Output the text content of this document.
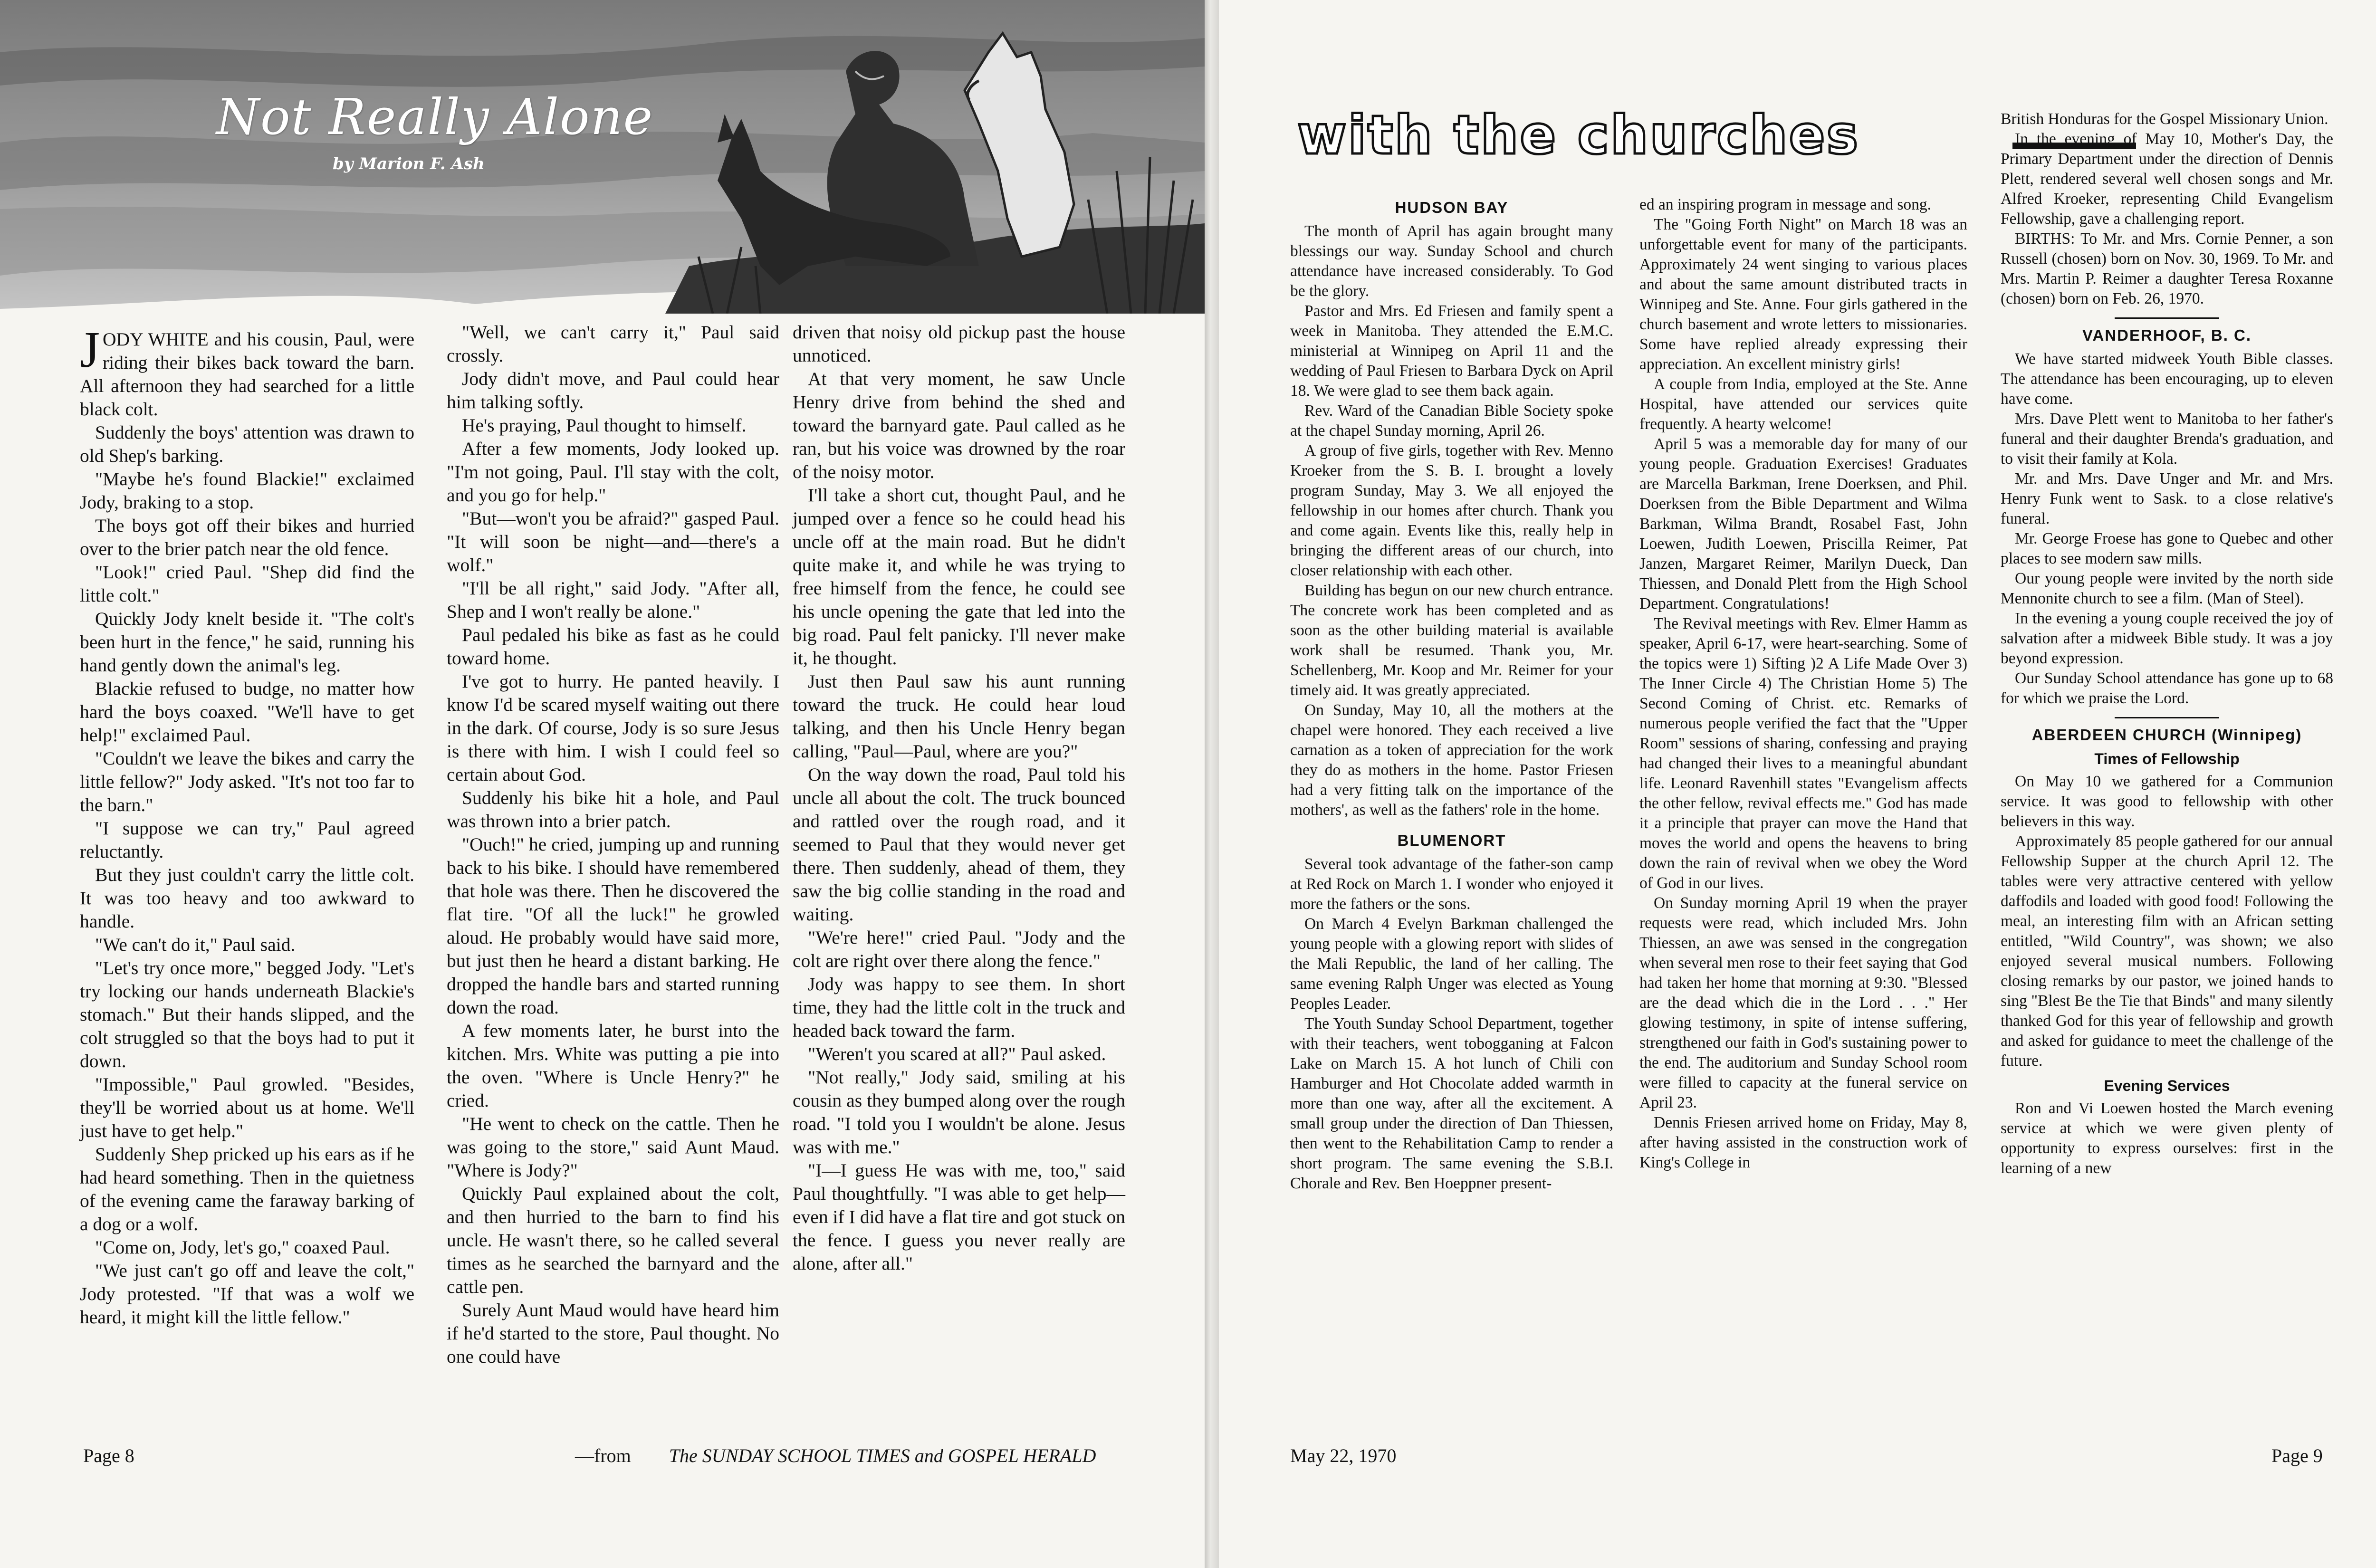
Not Really Alone
by Marion F. Ash

JODY WHITE and his cousin, Paul, were riding their bikes back toward the barn. All afternoon they had searched for a little black colt.

Suddenly the boys' attention was drawn to old Shep's barking.

"Maybe he's found Blackie!" exclaimed Jody, braking to a stop.

The boys got off their bikes and hurried over to the brier patch near the old fence.

"Look!" cried Paul. "Shep did find the little colt."

Quickly Jody knelt beside it. "The colt's been hurt in the fence," he said, running his hand gently down the animal's leg.

Blackie refused to budge, no matter how hard the boys coaxed. "We'll have to get help!" exclaimed Paul.

"Couldn't we leave the bikes and carry the little fellow?" Jody asked. "It's not too far to the barn."

"I suppose we can try," Paul agreed reluctantly.

But they just couldn't carry the little colt. It was too heavy and too awkward to handle.

"We can't do it," Paul said.

"Let's try once more," begged Jody. "Let's try locking our hands underneath Blackie's stomach." But their hands slipped, and the colt struggled so that the boys had to put it down.

"Impossible," Paul growled. "Besides, they'll be worried about us at home. We'll just have to get help."

Suddenly Shep pricked up his ears as if he had heard something. Then in the quietness of the evening came the faraway barking of a dog or a wolf.

"Come on, Jody, let's go," coaxed Paul.

"We just can't go off and leave the colt," Jody protested. "If that was a wolf we heard, it might kill the little fellow."

"Well, we can't carry it," Paul said crossly.

Jody didn't move, and Paul could hear him talking softly.

He's praying, Paul thought to himself.

After a few moments, Jody looked up. "I'm not going, Paul. I'll stay with the colt, and you go for help."

"But—won't you be afraid?" gasped Paul. "It will soon be night—and—there's a wolf."

"I'll be all right," said Jody. "After all, Shep and I won't really be alone."

Paul pedaled his bike as fast as he could toward home.

I've got to hurry. He panted heavily. I know I'd be scared myself waiting out there in the dark. Of course, Jody is so sure Jesus is there with him. I wish I could feel so certain about God.

Suddenly his bike hit a hole, and Paul was thrown into a brier patch.

"Ouch!" he cried, jumping up and running back to his bike. I should have remembered that hole was there. Then he discovered the flat tire. "Of all the luck!" he growled aloud. He probably would have said more, but just then he heard a distant barking. He dropped the handle bars and started running down the road.

A few moments later, he burst into the kitchen. Mrs. White was putting a pie into the oven. "Where is Uncle Henry?" he cried.

"He went to check on the cattle. Then he was going to the store," said Aunt Maud. "Where is Jody?"

Quickly Paul explained about the colt, and then hurried to the barn to find his uncle. He wasn't there, so he called several times as he searched the barnyard and the cattle pen.

Surely Aunt Maud would have heard him if he'd started to the store, Paul thought. No one could have

driven that noisy old pickup past the house unnoticed.

At that very moment, he saw Uncle Henry drive from behind the shed and toward the barnyard gate. Paul called as he ran, but his voice was drowned by the roar of the noisy motor.

I'll take a short cut, thought Paul, and he jumped over a fence so he could head his uncle off at the main road. But he didn't quite make it, and while he was trying to free himself from the fence, he could see his uncle opening the gate that led into the big road. Paul felt panicky. I'll never make it, he thought.

Just then Paul saw his aunt running toward the truck. He could hear loud talking, and then his Uncle Henry began calling, "Paul—Paul, where are you?"

On the way down the road, Paul told his uncle all about the colt. The truck bounced and rattled over the rough road, and it seemed to Paul that they would never get there. Then suddenly, ahead of them, they saw the big collie standing in the road and waiting.

"We're here!" cried Paul. "Jody and the colt are right over there along the fence."

Jody was happy to see them. In short time, they had the little colt in the truck and headed back toward the farm.

"Weren't you scared at all?" Paul asked.

"Not really," Jody said, smiling at his cousin as they bumped along over the rough road. "I told you I wouldn't be alone. Jesus was with me."

"I—I guess He was with me, too," said Paul thoughtfully. "I was able to get help—even if I did have a flat tire and got stuck on the fence. I guess you never really are alone, after all."

Page 8	—from The SUNDAY SCHOOL TIMES and GOSPEL HERALD
with the churches

HUDSON BAY

The month of April has again brought many blessings our way. Sunday School and church attendance have increased considerably. To God be the glory.

Pastor and Mrs. Ed Friesen and family spent a week in Manitoba. They attended the E.M.C. ministerial at Winnipeg on April 11 and the wedding of Paul Friesen to Barbara Dyck on April 18. We were glad to see them back again.

Rev. Ward of the Canadian Bible Society spoke at the chapel Sunday morning, April 26.

A group of five girls, together with Rev. Menno Kroeker from the S. B. I. brought a lovely program Sunday, May 3. We all enjoyed the fellowship in our homes after church. Thank you and come again. Events like this, really help in bringing the different areas of our church, into closer relationship with each other.

Building has begun on our new church entrance. The concrete work has been completed and as soon as the other building material is available work shall be resumed. Thank you, Mr. Schellenberg, Mr. Koop and Mr. Reimer for your timely aid. It was greatly appreciated.

On Sunday, May 10, all the mothers at the chapel were honored. They each received a live carnation as a token of appreciation for the work they do as mothers in the home. Pastor Friesen had a very fitting talk on the importance of the mothers', as well as the fathers' role in the home.

BLUMENORT

Several took advantage of the father-son camp at Red Rock on March 1. I wonder who enjoyed it more the fathers or the sons.

On March 4 Evelyn Barkman challenged the young people with a glowing report with slides of the Mali Republic, the land of her calling. The same evening Ralph Unger was elected as Young Peoples Leader.

The Youth Sunday School Department, together with their teachers, went tobogganing at Falcon Lake on March 15. A hot lunch of Chili con Hamburger and Hot Chocolate added warmth in more than one way, after all the excitement. A small group under the direction of Dan Thiessen, then went to the Rehabilitation Camp to render a short program. The same evening the S.B.I. Chorale and Rev. Ben Hoeppner present-

ed an inspiring program in message and song.

The "Going Forth Night" on March 18 was an unforgettable event for many of the participants. Approximately 24 went singing to various places and about the same amount distributed tracts in Winnipeg and Ste. Anne. Four girls gathered in the church basement and wrote letters to missionaries. Some have replied already expressing their appreciation. An excellent ministry girls!

A couple from India, employed at the Ste. Anne Hospital, have attended our services quite frequently. A hearty welcome!

April 5 was a memorable day for many of our young people. Graduation Exercises! Graduates are Marcella Barkman, Irene Doerksen, and Phil. Doerksen from the Bible Department and Wilma Barkman, Wilma Brandt, Rosabel Fast, John Loewen, Judith Loewen, Priscilla Reimer, Pat Janzen, Margaret Reimer, Marilyn Dueck, Dan Thiessen, and Donald Plett from the High School Department. Congratulations!

The Revival meetings with Rev. Elmer Hamm as speaker, April 6-17, were heart-searching. Some of the topics were 1) Sifting )2 A Life Made Over 3) The Inner Circle 4) The Christian Home 5) The Second Coming of Christ. etc. Remarks of numerous people verified the fact that the "Upper Room" sessions of sharing, confessing and praying had changed their lives to a meaningful abundant life. Leonard Ravenhill states "Evangelism affects the other fellow, revival effects me." God has made it a principle that prayer can move the Hand that moves the world and opens the heavens to bring down the rain of revival when we obey the Word of God in our lives.

On Sunday morning April 19 when the prayer requests were read, which included Mrs. John Thiessen, an awe was sensed in the congregation when several men rose to their feet saying that God had taken her home that morning at 9:30. "Blessed are the dead which die in the Lord . . ." Her glowing testimony, in spite of intense suffering, strengthened our faith in God's sustaining power to the end. The auditorium and Sunday School room were filled to capacity at the funeral service on April 23.

Dennis Friesen arrived home on Friday, May 8, after having assisted in the construction work of King's College in

British Honduras for the Gospel Missionary Union.

In the evening of May 10, Mother's Day, the Primary Department under the direction of Dennis Plett, rendered several well chosen songs and Mr. Alfred Kroeker, representing Child Evangelism Fellowship, gave a challenging report.

BIRTHS: To Mr. and Mrs. Cornie Penner, a son Russell (chosen) born on Nov. 30, 1969. To Mr. and Mrs. Martin P. Reimer a daughter Teresa Roxanne (chosen) born on Feb. 26, 1970.

VANDERHOOF, B. C.

We have started midweek Youth Bible classes. The attendance has been encouraging, up to eleven have come.

Mrs. Dave Plett went to Manitoba to her father's funeral and their daughter Brenda's graduation, and to visit their family at Kola.

Mr. and Mrs. Dave Unger and Mr. and Mrs. Henry Funk went to Sask. to a close relative's funeral.

Mr. George Froese has gone to Quebec and other places to see modern saw mills.

Our young people were invited by the north side Mennonite church to see a film. (Man of Steel).

In the evening a young couple received the joy of salvation after a midweek Bible study. It was a joy beyond expression.

Our Sunday School attendance has gone up to 68 for which we praise the Lord.

ABERDEEN CHURCH (Winnipeg)

Times of Fellowship

On May 10 we gathered for a Communion service. It was good to fellowship with other believers in this way.

Approximately 85 people gathered for our annual Fellowship Supper at the church April 12. The tables were very attractive centered with yellow daffodils and loaded with good food! Following the meal, an interesting film with an African setting entitled, "Wild Country", was shown; we also enjoyed several musical numbers. Following closing remarks by our pastor, we joined hands to sing "Blest Be the Tie that Binds" and many silently thanked God for this year of fellowship and growth and asked for guidance to meet the challenge of the future.

Evening Services

Ron and Vi Loewen hosted the March evening service at which we were given plenty of opportunity to express ourselves: first in the learning of a new

May 22, 1970	Page 9
